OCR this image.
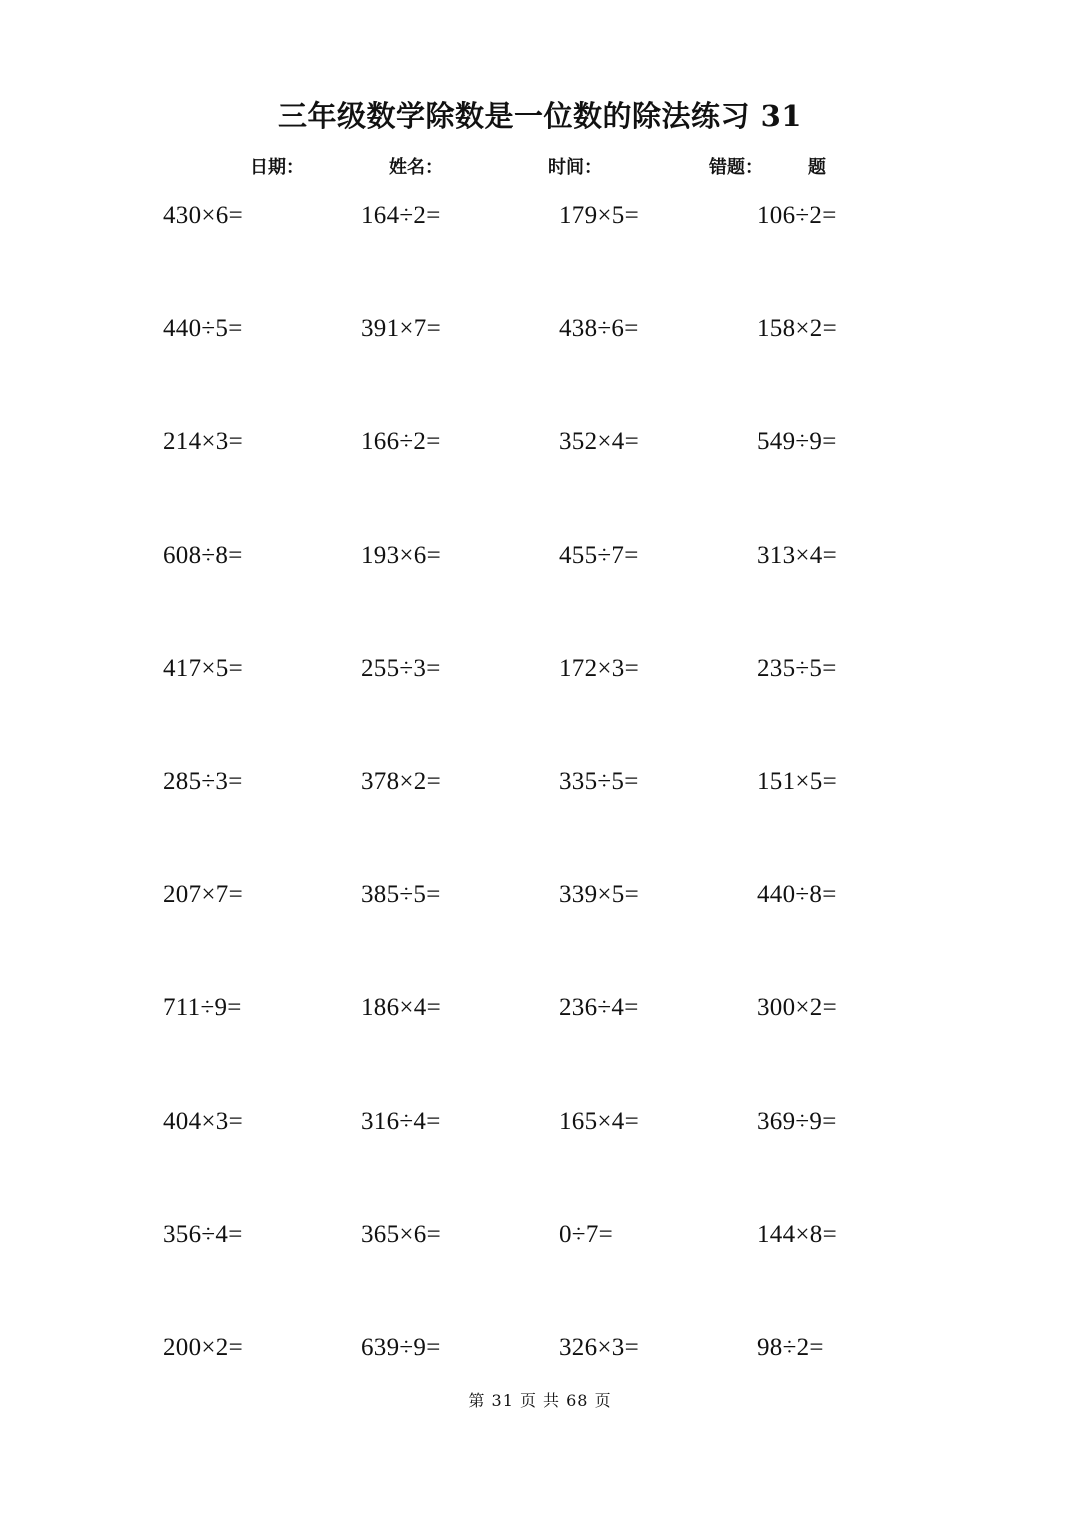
三年级数学除数是一位数的除法练习 31
日期：	姓名：	时间：	错题：	题
430×6=	164÷2=	179×5=	106÷2=
440÷5=	391×7=	438÷6=	158×2=
214×3=	166÷2=	352×4=	549÷9=
608÷8=	193×6=	455÷7=	313×4=
417×5=	255÷3=	172×3=	235÷5=
285÷3=	378×2=	335÷5=	151×5=
207×7=	385÷5=	339×5=	440÷8=
711÷9=	186×4=	236÷4=	300×2=
404×3=	316÷4=	165×4=	369÷9=
356÷4=	365×6=	0÷7=	144×8=
200×2=	639÷9=	326×3=	98÷2=
第 31 页 共 68 页
